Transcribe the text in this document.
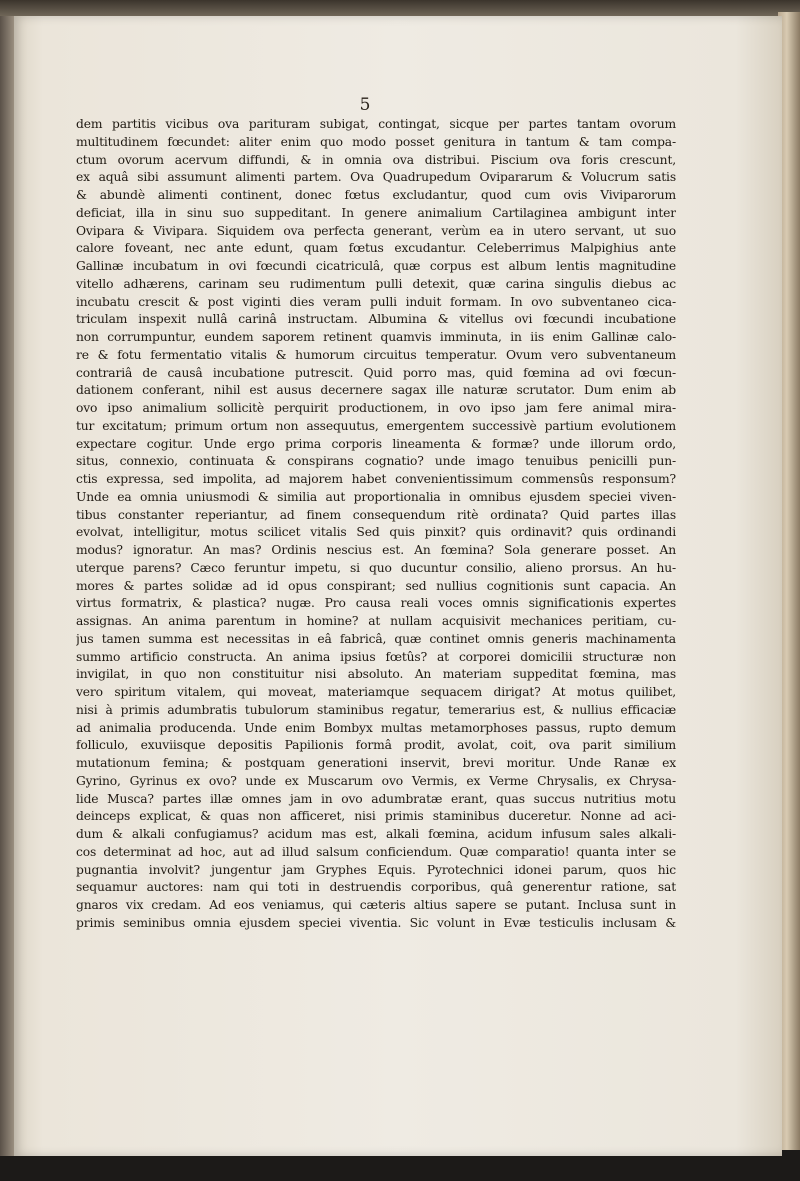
5
dem partitis vicibus ova parituram subigat, contingat, sicque per partes tantam ovorum
multitudinem fœcundet: aliter enim quo modo posset genitura in tantum & tam compa-
ctum ovorum acervum diffundi, & in omnia ova distribui. Piscium ova foris crescunt,
ex aquâ sibi assumunt alimenti partem. Ova Quadrupedum Ovipararum & Volucrum satis
& abundè alimenti continent, donec fœtus excludantur, quod cum ovis Viviparorum
deficiat, illa in sinu suo suppeditant. In genere animalium Cartilaginea ambigunt inter
Ovipara & Vivipara. Siquidem ova perfecta generant, verùm ea in utero servant, ut suo
calore foveant, nec ante edunt, quam fœtus excudantur. Celeberrimus Malpighius ante
Gallinæ incubatum in ovi fœcundi cicatriculâ, quæ corpus est album lentis magnitudine
vitello adhærens, carinam seu rudimentum pulli detexit, quæ carina singulis diebus ac
incubatu crescit & post viginti dies veram pulli induit formam. In ovo subventaneo cica-
triculam inspexit nullâ carinâ instructam. Albumina & vitellus ovi fœcundi incubatione
non corrumpuntur, eundem saporem retinent quamvis imminuta, in iis enim Gallinæ calo-
re & fotu fermentatio vitalis & humorum circuitus temperatur. Ovum vero subventaneum
contrariâ de causâ incubatione putrescit. Quid porro mas, quid fœmina ad ovi fœcun-
dationem conferant, nihil est ausus decernere sagax ille naturæ scrutator. Dum enim ab
ovo ipso animalium sollicitè perquirit productionem, in ovo ipso jam fere animal mira-
tur excitatum; primum ortum non assequutus, emergentem successivè partium evolutionem
expectare cogitur. Unde ergo prima corporis lineamenta & formæ? unde illorum ordo,
situs, connexio, continuata & conspirans cognatio? unde imago tenuibus penicilli pun-
ctis expressa, sed impolita, ad majorem habet convenientissimum commensûs responsum?
Unde ea omnia uniusmodi & similia aut proportionalia in omnibus ejusdem speciei viven-
tibus constanter reperiantur, ad finem consequendum ritè ordinata? Quid partes illas
evolvat, intelligitur, motus scilicet vitalis Sed quis pinxit? quis ordinavit? quis ordinandi
modus? ignoratur. An mas? Ordinis nescius est. An fœmina? Sola generare posset. An
uterque parens? Cæco feruntur impetu, si quo ducuntur consilio, alieno prorsus. An hu-
mores & partes solidæ ad id opus conspirant; sed nullius cognitionis sunt capacia. An
virtus formatrix, & plastica? nugæ. Pro causa reali voces omnis significationis expertes
assignas. An anima parentum in homine? at nullam acquisivit mechanices peritiam, cu-
jus tamen summa est necessitas in eâ fabricâ, quæ continet omnis generis machinamenta
summo artificio constructa. An anima ipsius fœtûs? at corporei domicilii structuræ non
invigilat, in quo non constituitur nisi absoluto. An materiam suppeditat fœmina, mas
vero spiritum vitalem, qui moveat, materiamque sequacem dirigat? At motus quilibet,
nisi à primis adumbratis tubulorum staminibus regatur, temerarius est, & nullius efficaciæ
ad animalia producenda. Unde enim Bombyx multas metamorphoses passus, rupto demum
folliculo, exuviisque depositis Papilionis formâ prodit, avolat, coit, ova parit similium
mutationum femina; & postquam generationi inservit, brevi moritur. Unde Ranæ ex
Gyrino, Gyrinus ex ovo? unde ex Muscarum ovo Vermis, ex Verme Chrysalis, ex Chrysa-
lide Musca? partes illæ omnes jam in ovo adumbratæ erant, quas succus nutritius motu
deinceps explicat, & quas non afficeret, nisi primis staminibus duceretur. Nonne ad aci-
dum & alkali confugiamus? acidum mas est, alkali fœmina, acidum infusum sales alkali-
cos determinat ad hoc, aut ad illud salsum conficiendum. Quæ comparatio! quanta inter se
pugnantia involvit? jungentur jam Gryphes Equis. Pyrotechnici idonei parum, quos hic
sequamur auctores: nam qui toti in destruendis corporibus, quâ generentur ratione, sat
gnaros vix credam. Ad eos veniamus, qui cæteris altius sapere se putant. Inclusa sunt in
primis seminibus omnia ejusdem speciei viventia. Sic volunt in Evæ testiculis inclusam &
